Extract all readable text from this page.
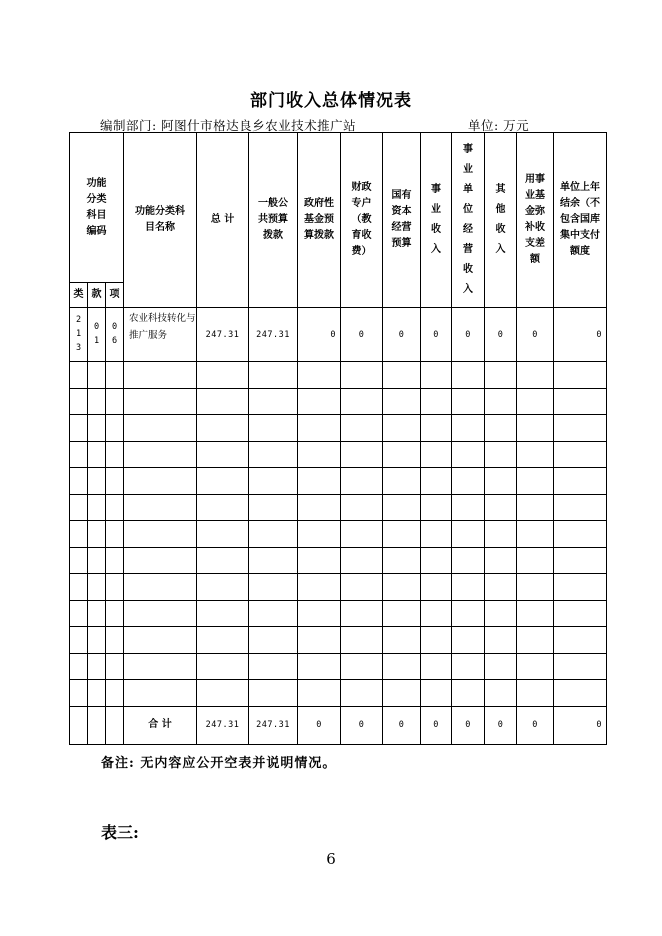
部门收入总体情况表
编制部门: 阿图什市格达良乡农业技术推广站	单位: 万元
功能分类科目编码			功能分类科目名称	总 计	一般公共预算拨款	政府性基金预算拨款	财政专户（教育收费）	国有资本经营预算	事业收入	事业单位经营收入	其他收入	用事业基金弥补收支差额	单位上年结余（不包含国库集中支付额度
类	款	项											
213	01	06	农业科技转化与推广服务	247.31	247.31	0	0	0	0	0	0	0	0

			合 计	247.31	247.31	0	0	0	0	0	0	0	0
备注: 无内容应公开空表并说明情况。
表三:
6
